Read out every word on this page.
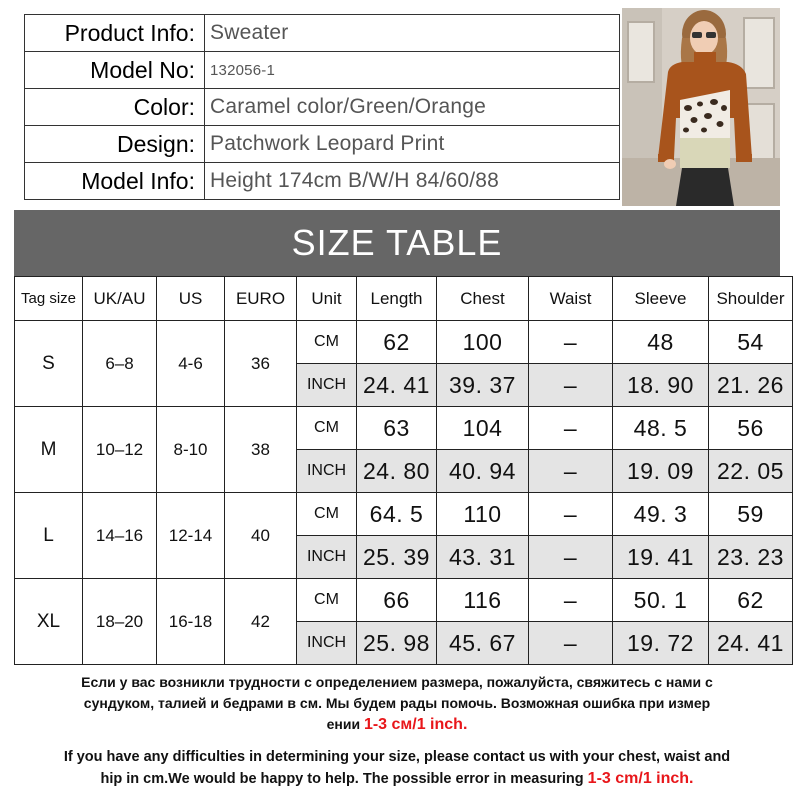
Product Info:	Sweater
Model No:	132056-1
Color:	Caramel color/Green/Orange
Design:	Patchwork Leopard Print
Model Info:	Height 174cm B/W/H 84/60/88
SIZE TABLE
Tag size	UK/AU	US	EURO	Unit	Length	Chest	Waist	Sleeve	Shoulder
S	6–8	4-6	36	CM	62	100	–	48	54
				INCH	24. 41	39. 37	–	18. 90	21. 26
M	10–12	8-10	38	CM	63	104	–	48. 5	56
				INCH	24. 80	40. 94	–	19. 09	22. 05
L	14–16	12-14	40	CM	64. 5	110	–	49. 3	59
				INCH	25. 39	43. 31	–	19. 41	23. 23
XL	18–20	16-18	42	CM	66	116	–	50. 1	62
				INCH	25. 98	45. 67	–	19. 72	24. 41
Если у вас возникли трудности с определением размера, пожалуйста, свяжитесь с нами с
сундуком, талией и бедрами в см. Мы будем рады помочь. Возможная ошибка при измер
ении 1-3 см/1 inch.
If you have any difficulties in determining your size, please contact us with your chest, waist and
hip in cm.We would be happy to help. The possible error in measuring 1-3 cm/1 inch.
